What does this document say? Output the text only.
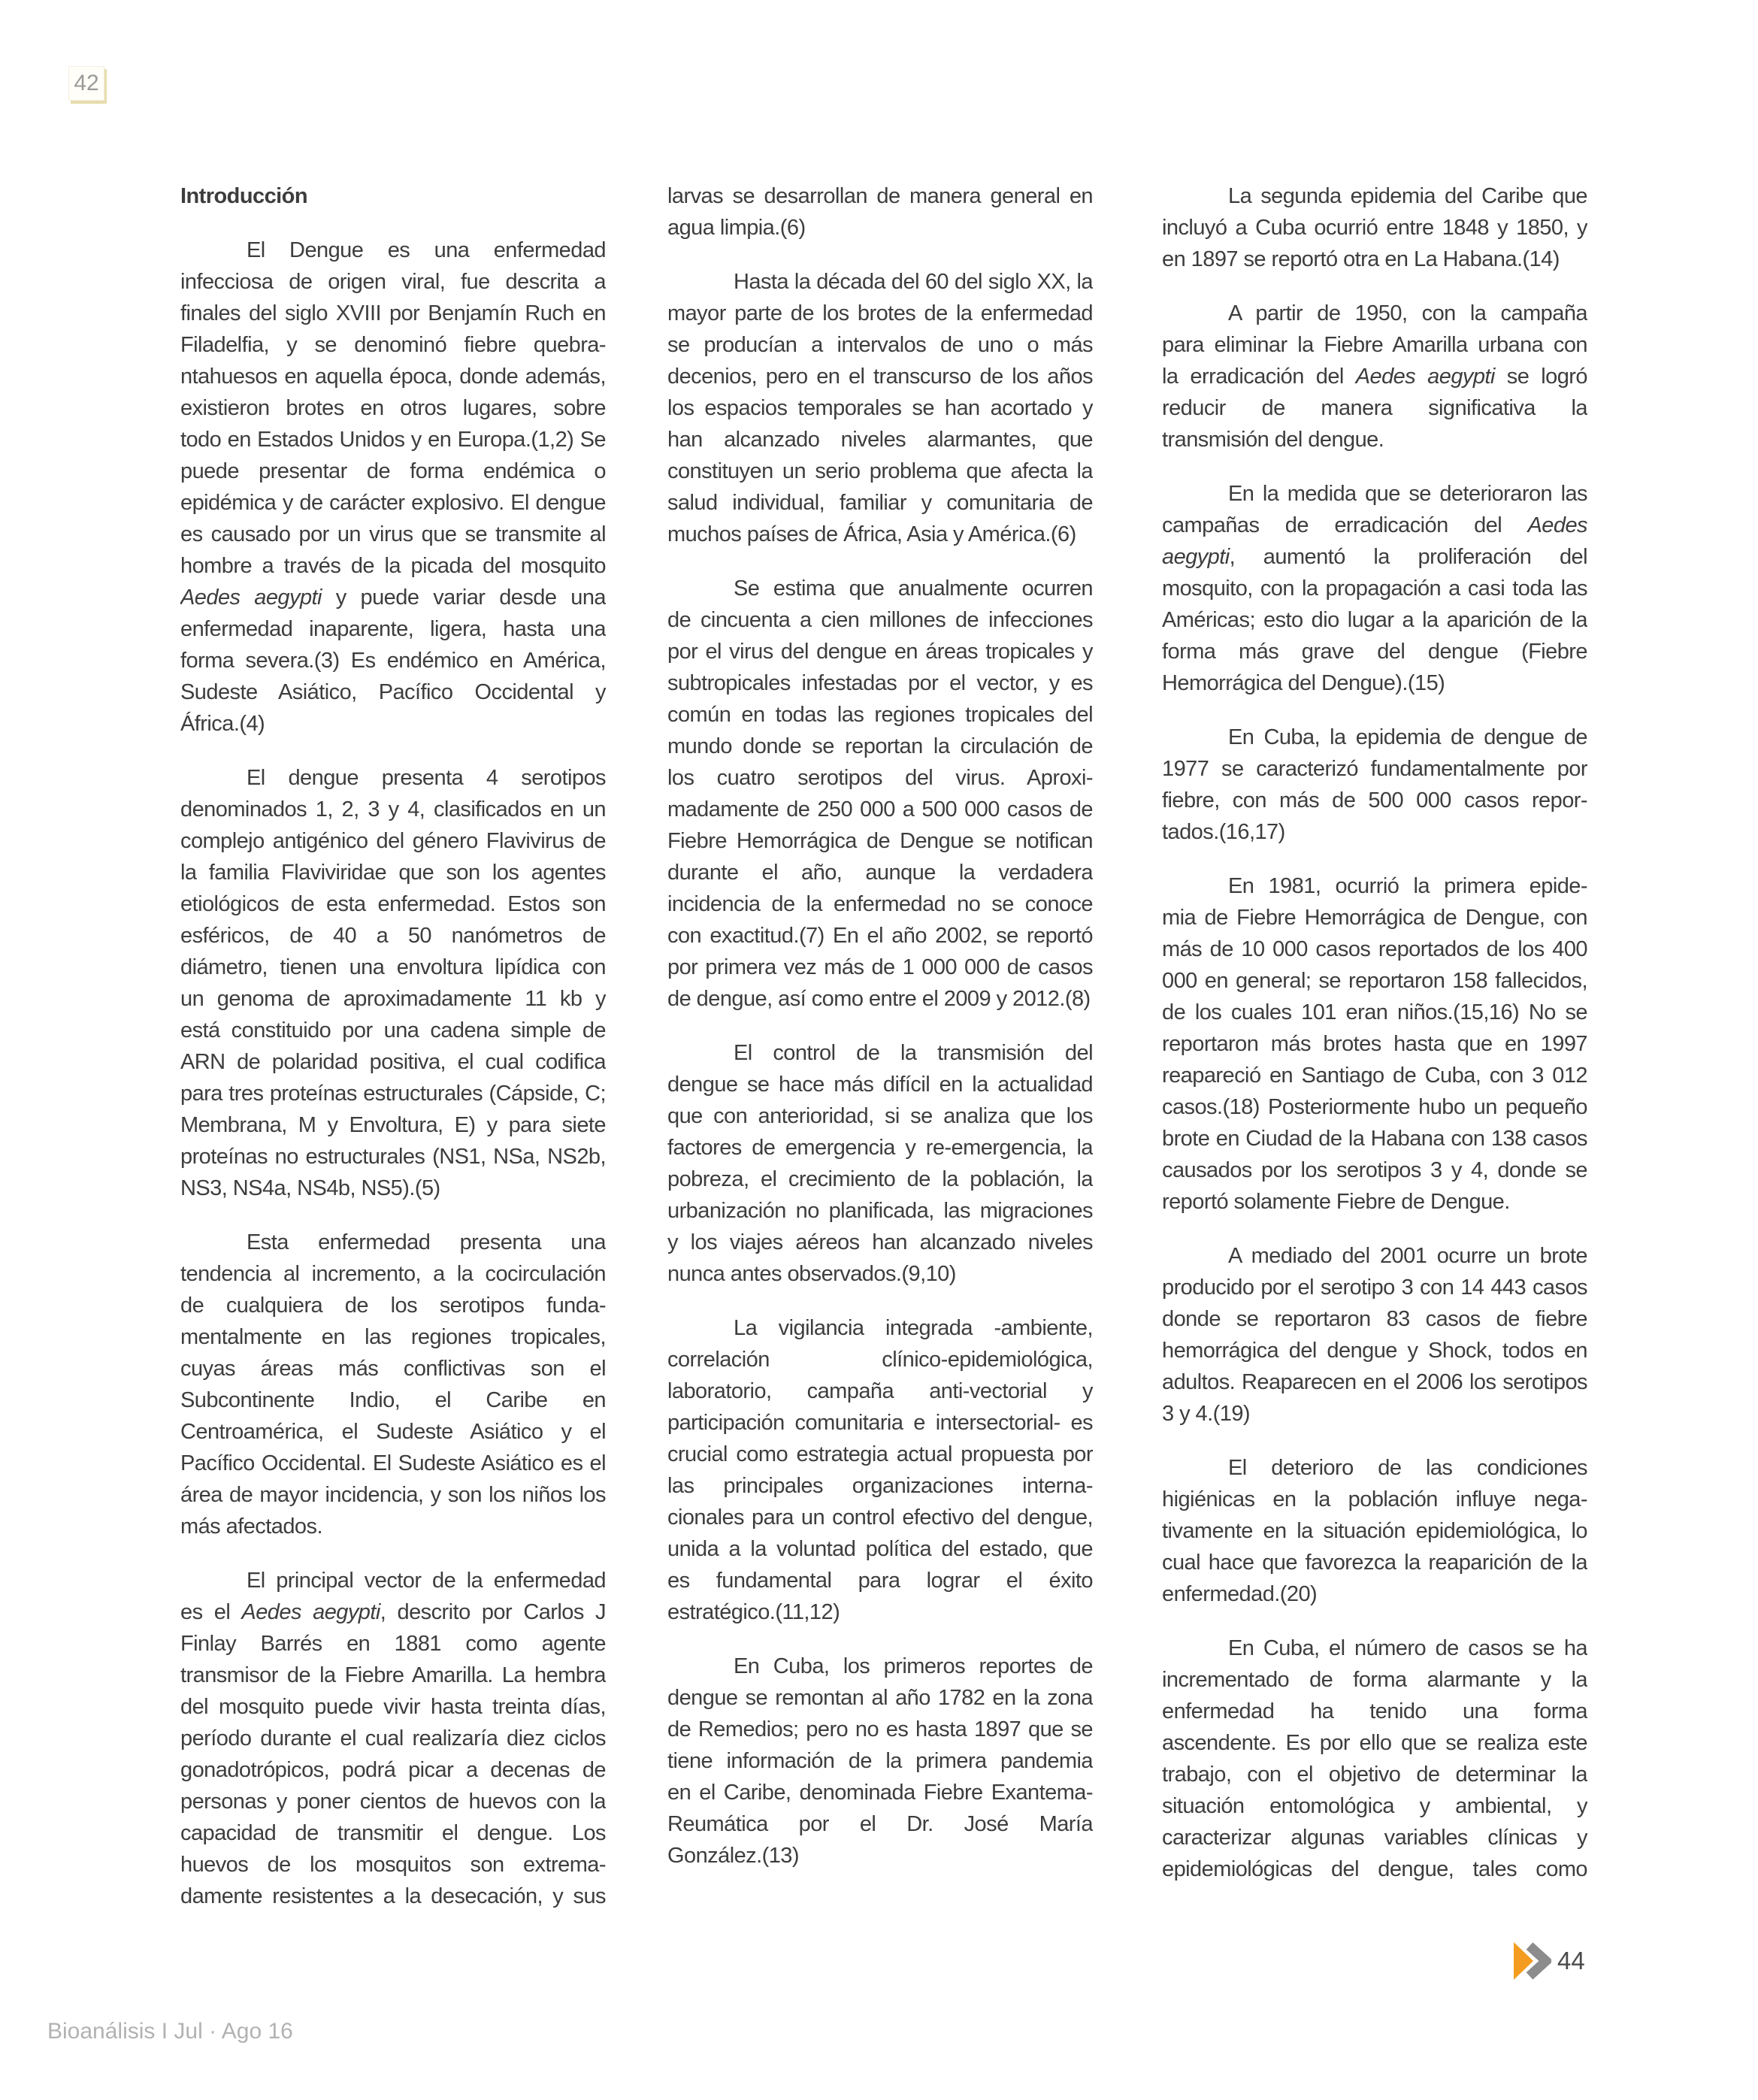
42
Introducción
El Dengue es una enfermedad
infecciosa de origen viral, fue descrita a
finales del siglo XVIII por Benjamín Ruch en
Filadelfia, y se denominó fiebre quebra-
ntahuesos en aquella época, donde además,
existieron brotes en otros lugares, sobre
todo en Estados Unidos y en Europa.(1,2) Se
puede presentar de forma endémica o
epidémica y de carácter explosivo. El dengue
es causado por un virus que se transmite al
hombre a través de la picada del mosquito
Aedes aegypti y puede variar desde una
enfermedad inaparente, ligera, hasta una
forma severa.(3) Es endémico en América,
Sudeste Asiático, Pacífico Occidental y
África.(4)
El dengue presenta 4 serotipos
denominados 1, 2, 3 y 4, clasificados en un
complejo antigénico del género Flavivirus de
la familia Flaviviridae que son los agentes
etiológicos de esta enfermedad. Estos son
esféricos, de 40 a 50 nanómetros de
diámetro, tienen una envoltura lipídica con
un genoma de aproximadamente 11 kb y
está constituido por una cadena simple de
ARN de polaridad positiva, el cual codifica
para tres proteínas estructurales (Cápside, C;
Membrana, M y Envoltura, E) y para siete
proteínas no estructurales (NS1, NSa, NS2b,
NS3, NS4a, NS4b, NS5).(5)
Esta enfermedad presenta una
tendencia al incremento, a la cocirculación
de cualquiera de los serotipos funda-
mentalmente en las regiones tropicales,
cuyas áreas más conflictivas son el
Subcontinente Indio, el Caribe en
Centroamérica, el Sudeste Asiático y el
Pacífico Occidental. El Sudeste Asiático es el
área de mayor incidencia, y son los niños los
más afectados.
El principal vector de la enfermedad
es el Aedes aegypti, descrito por Carlos J
Finlay Barrés en 1881 como agente
transmisor de la Fiebre Amarilla. La hembra
del mosquito puede vivir hasta treinta días,
período durante el cual realizaría diez ciclos
gonadotrópicos, podrá picar a decenas de
personas y poner cientos de huevos con la
capacidad de transmitir el dengue. Los
huevos de los mosquitos son extrema-
damente resistentes a la desecación, y sus
larvas se desarrollan de manera general en
agua limpia.(6)
Hasta la década del 60 del siglo XX, la
mayor parte de los brotes de la enfermedad
se producían a intervalos de uno o más
decenios, pero en el transcurso de los años
los espacios temporales se han acortado y
han alcanzado niveles alarmantes, que
constituyen un serio problema que afecta la
salud individual, familiar y comunitaria de
muchos países de África, Asia y América.(6)
Se estima que anualmente ocurren
de cincuenta a cien millones de infecciones
por el virus del dengue en áreas tropicales y
subtropicales infestadas por el vector, y es
común en todas las regiones tropicales del
mundo donde se reportan la circulación de
los cuatro serotipos del virus. Aproxi-
madamente de 250 000 a 500 000 casos de
Fiebre Hemorrágica de Dengue se notifican
durante el año, aunque la verdadera
incidencia de la enfermedad no se conoce
con exactitud.(7) En el año 2002, se reportó
por primera vez más de 1 000 000 de casos
de dengue, así como entre el 2009 y 2012.(8)
El control de la transmisión del
dengue se hace más difícil en la actualidad
que con anterioridad, si se analiza que los
factores de emergencia y re-emergencia, la
pobreza, el crecimiento de la población, la
urbanización no planificada, las migraciones
y los viajes aéreos han alcanzado niveles
nunca antes observados.(9,10)
La vigilancia integrada -ambiente,
correlación clínico-epidemiológica,
laboratorio, campaña anti-vectorial y
participación comunitaria e intersectorial- es
crucial como estrategia actual propuesta por
las principales organizaciones interna-
cionales para un control efectivo del dengue,
unida a la voluntad política del estado, que
es fundamental para lograr el éxito
estratégico.(11,12)
En Cuba, los primeros reportes de
dengue se remontan al año 1782 en la zona
de Remedios; pero no es hasta 1897 que se
tiene información de la primera pandemia
en el Caribe, denominada Fiebre Exantema-
Reumática por el Dr. José María
González.(13)
La segunda epidemia del Caribe que
incluyó a Cuba ocurrió entre 1848 y 1850, y
en 1897 se reportó otra en La Habana.(14)
A partir de 1950, con la campaña
para eliminar la Fiebre Amarilla urbana con
la erradicación del Aedes aegypti se logró
reducir de manera significativa la
transmisión del dengue.
En la medida que se deterioraron las
campañas de erradicación del Aedes
aegypti, aumentó la proliferación del
mosquito, con la propagación a casi toda las
Américas; esto dio lugar a la aparición de la
forma más grave del dengue (Fiebre
Hemorrágica del Dengue).(15)
En Cuba, la epidemia de dengue de
1977 se caracterizó fundamentalmente por
fiebre, con más de 500 000 casos repor-
tados.(16,17)
En 1981, ocurrió la primera epide-
mia de Fiebre Hemorrágica de Dengue, con
más de 10 000 casos reportados de los 400
000 en general; se reportaron 158 fallecidos,
de los cuales 101 eran niños.(15,16) No se
reportaron más brotes hasta que en 1997
reapareció en Santiago de Cuba, con 3 012
casos.(18) Posteriormente hubo un pequeño
brote en Ciudad de la Habana con 138 casos
causados por los serotipos 3 y 4, donde se
reportó solamente Fiebre de Dengue.
A mediado del 2001 ocurre un brote
producido por el serotipo 3 con 14 443 casos
donde se reportaron 83 casos de fiebre
hemorrágica del dengue y Shock, todos en
adultos. Reaparecen en el 2006 los serotipos
3 y 4.(19)
El deterioro de las condiciones
higiénicas en la población influye nega-
tivamente en la situación epidemiológica, lo
cual hace que favorezca la reaparición de la
enfermedad.(20)
En Cuba, el número de casos se ha
incrementado de forma alarmante y la
enfermedad ha tenido una forma
ascendente. Es por ello que se realiza este
trabajo, con el objetivo de determinar la
situación entomológica y ambiental, y
caracterizar algunas variables clínicas y
epidemiológicas del dengue, tales como
44
Bioanálisis I Jul · Ago 16
